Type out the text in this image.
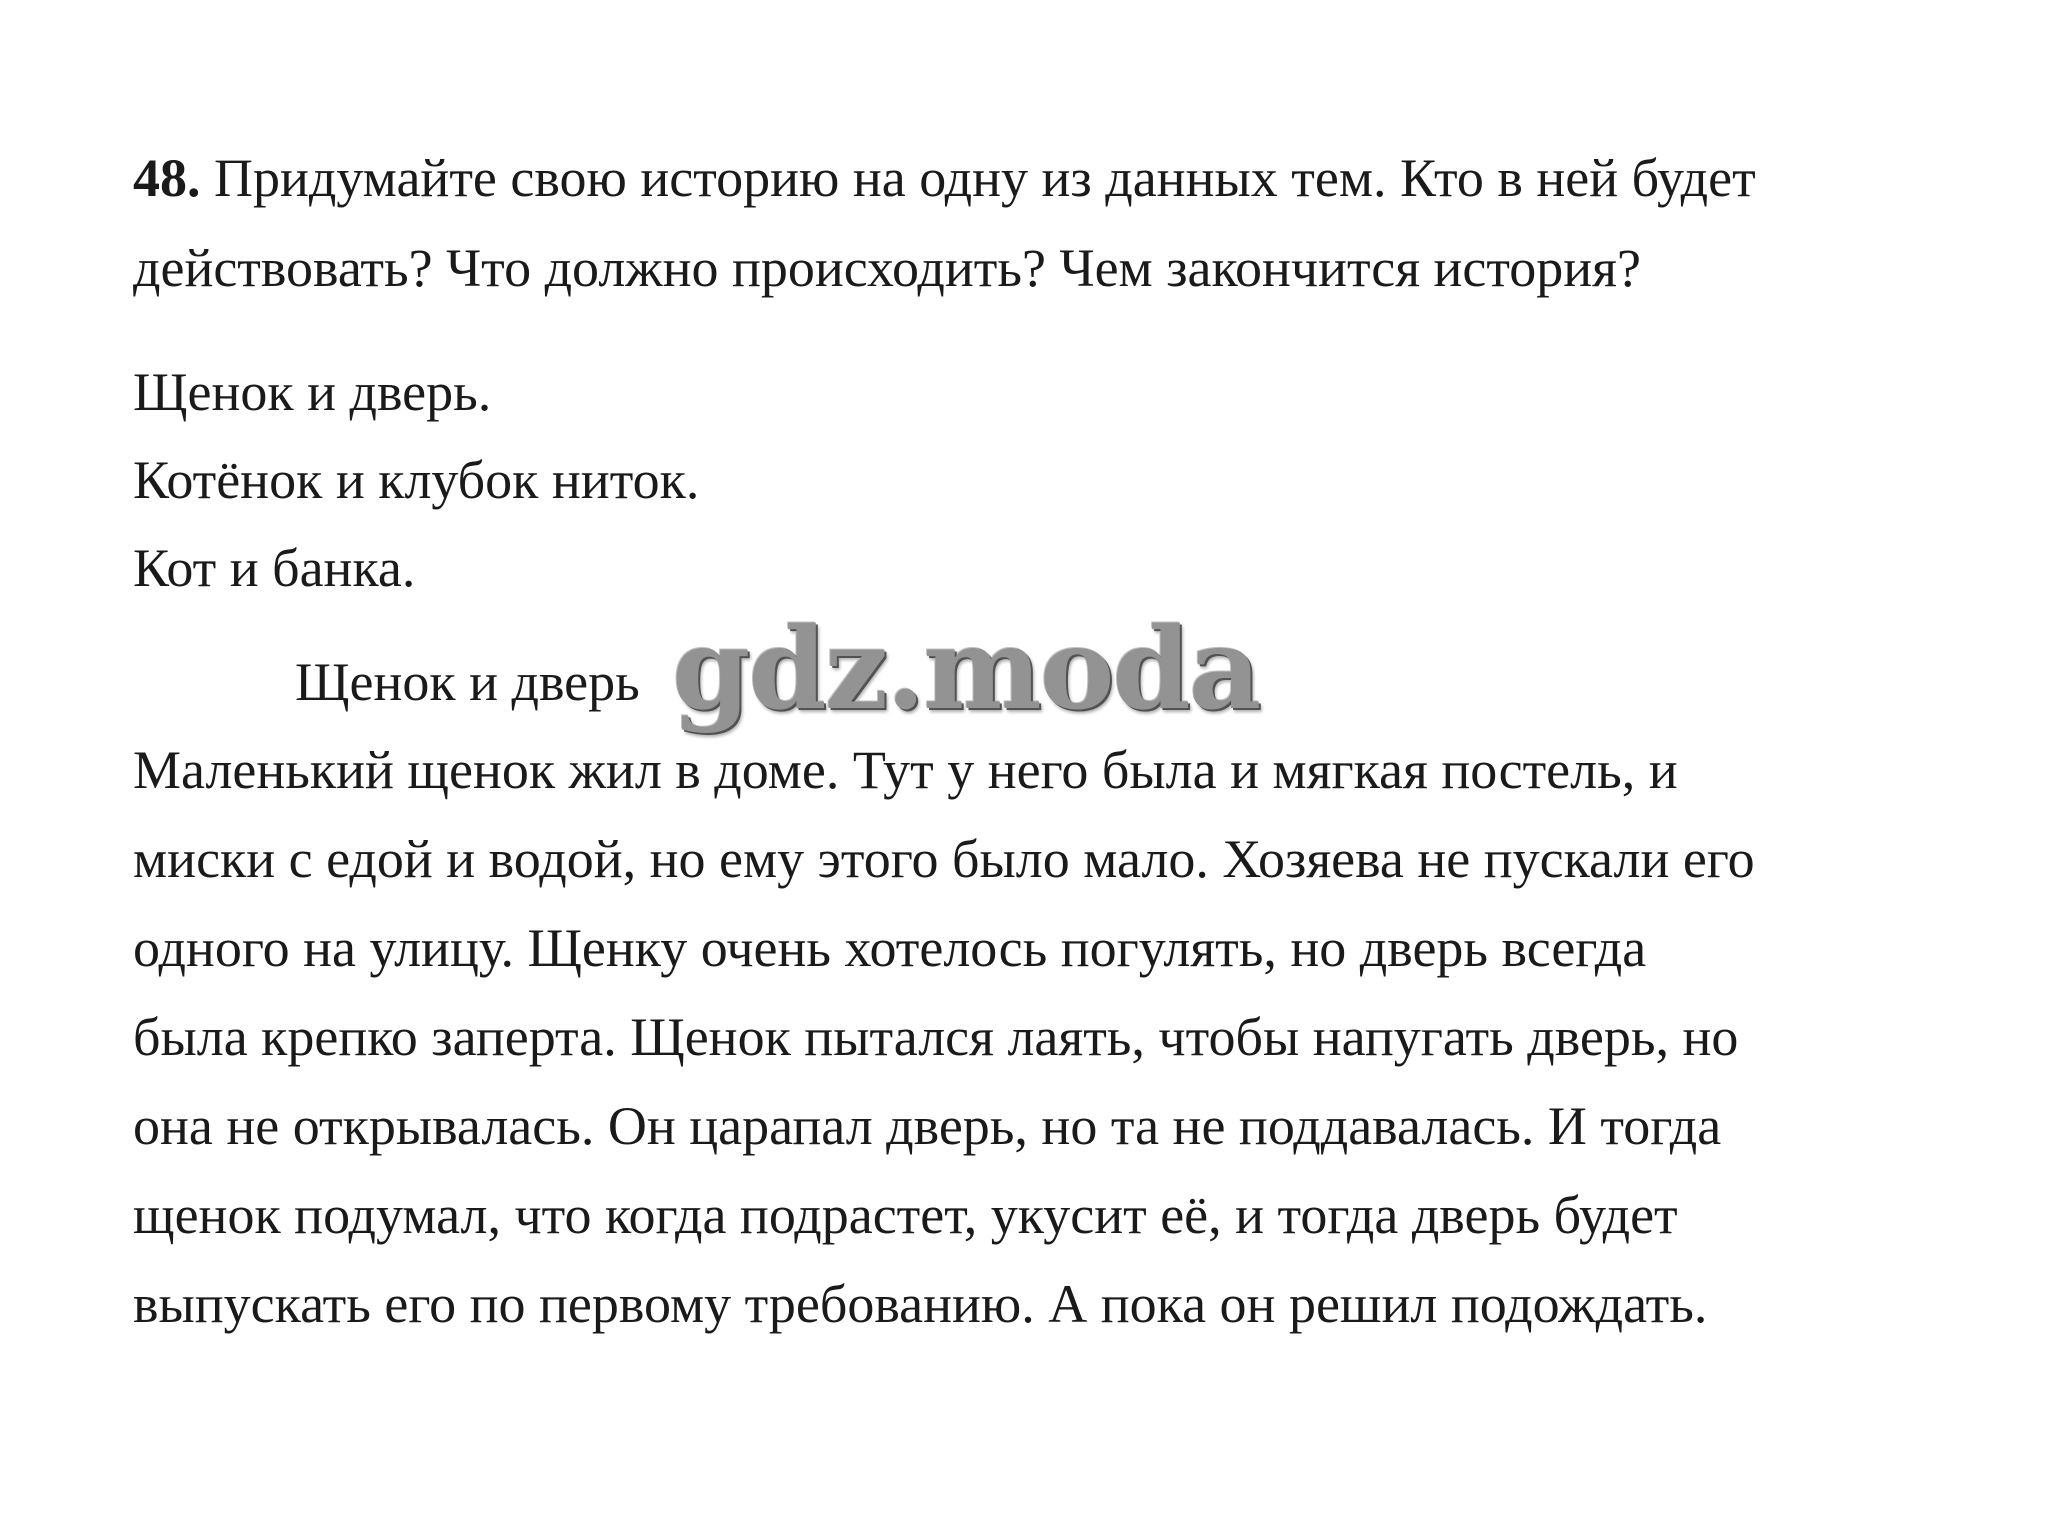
48. Придумайте свою историю на одну из данных тем. Кто в ней будет
действовать? Что должно происходить? Чем закончится история?
Щенок и дверь.
Котёнок и клубок ниток.
Кот и банка.
Щенок и дверь gdz.moda
Маленький щенок жил в доме. Тут у него была и мягкая постель, и
миски с едой и водой, но ему этого было мало. Хозяева не пускали его
одного на улицу. Щенку очень хотелось погулять, но дверь всегда
была крепко заперта. Щенок пытался лаять, чтобы напугать дверь, но
она не открывалась. Он царапал дверь, но та не поддавалась. И тогда
щенок подумал, что когда подрастет, укусит её, и тогда дверь будет
выпускать его по первому требованию. А пока он решил подождать.
